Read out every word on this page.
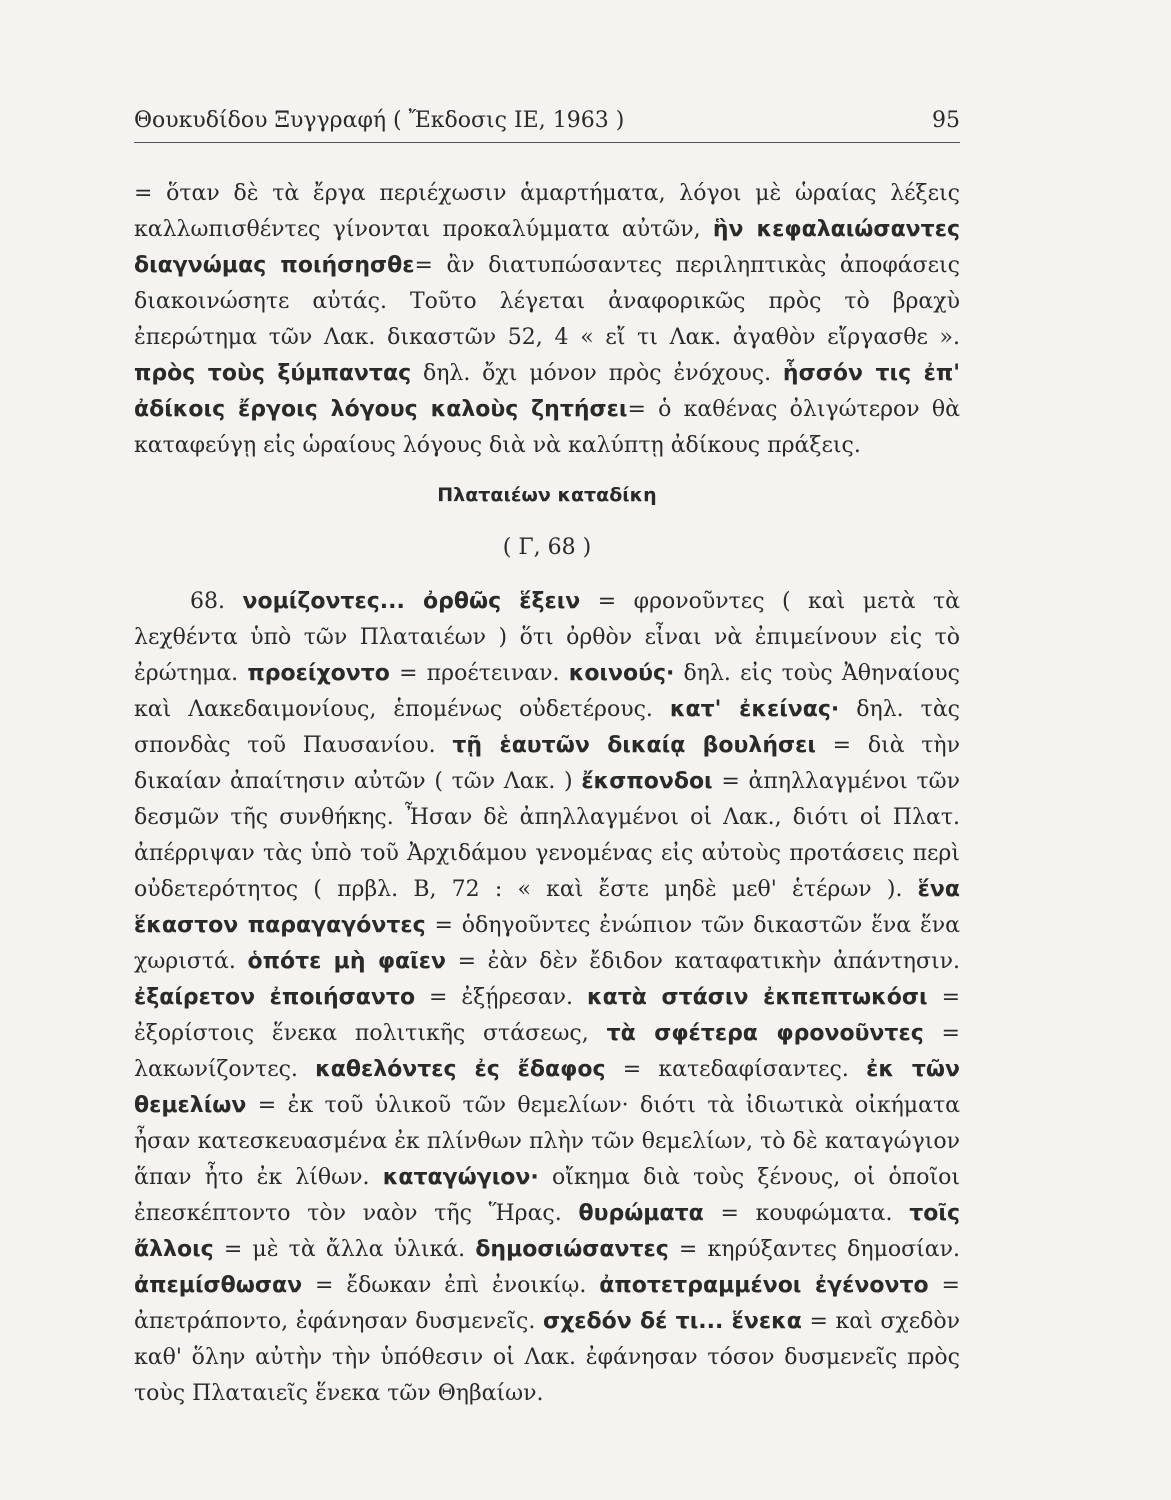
Θουκυδίδου Ξυγγραφή ( Ἔκδοσις ΙΕ, 1963 )	95

= ὅταν δὲ τὰ ἔργα περιέχωσιν ἁμαρτήματα, λόγοι μὲ ὡραίας λέξεις καλλωπισθέντες γίνονται προκαλύμματα αὐτῶν, ἣν κεφαλαιώσαντες διαγνώμας ποιήσησθε= ἂν διατυπώσαντες περιληπτικὰς ἀποφάσεις διακοινώσητε αὐτάς. Τοῦτο λέγεται ἀναφορικῶς πρὸς τὸ βραχὺ ἐπερώτημα τῶν Λακ. δικαστῶν 52, 4 « εἴ τι Λακ. ἀγαθὸν εἴργασθε ». πρὸς τοὺς ξύμπαντας δηλ. ὄχι μόνον πρὸς ἐνόχους. ἧσσόν τις ἐπ' ἀδίκοις ἔργοις λόγους καλοὺς ζητήσει= ὁ καθένας ὀλιγώτερον θὰ καταφεύγῃ εἰς ὡραίους λόγους διὰ νὰ καλύπτῃ ἀδίκους πράξεις.

Πλαταιέων καταδίκη
( Γ, 68 )

68. νομίζοντες... ὀρθῶς ἕξειν = φρονοῦντες ( καὶ μετὰ τὰ λεχθέντα ὑπὸ τῶν Πλαταιέων ) ὅτι ὀρθὸν εἶναι νὰ ἐπιμείνουν εἰς τὸ ἐρώτημα. προείχοντο = προέτειναν. κοινούς· δηλ. εἰς τοὺς Ἀθηναίους καὶ Λακεδαιμονίους, ἑπομένως οὐδετέρους. κατ' ἐκείνας· δηλ. τὰς σπονδὰς τοῦ Παυσανίου. τῇ ἑαυτῶν δικαίᾳ βουλήσει = διὰ τὴν δικαίαν ἀπαίτησιν αὐτῶν ( τῶν Λακ. ) ἔκσπονδοι = ἀπηλλαγμένοι τῶν δεσμῶν τῆς συνθήκης. Ἦσαν δὲ ἀπηλλαγμένοι οἱ Λακ., διότι οἱ Πλατ. ἀπέρριψαν τὰς ὑπὸ τοῦ Ἀρχιδάμου γενομένας εἰς αὐτοὺς προτάσεις περὶ οὐδετερότητος ( πρβλ. Β, 72 : « καὶ ἔστε μηδὲ μεθ' ἑτέρων ). ἕνα ἕκαστον παραγαγόντες = ὁδηγοῦντες ἐνώπιον τῶν δικαστῶν ἕνα ἕνα χωριστά. ὁπότε μὴ φαῖεν = ἐὰν δὲν ἔδιδον καταφατικὴν ἀπάντησιν. ἐξαίρετον ἐποιήσαντο = ἐξῄρεσαν. κατὰ στάσιν ἐκπεπτωκόσι = ἐξορίστοις ἕνεκα πολιτικῆς στάσεως, τὰ σφέτερα φρονοῦντες = λακωνίζοντες. καθελόντες ἐς ἔδαφος = κατεδαφίσαντες. ἐκ τῶν θεμελίων = ἐκ τοῦ ὑλικοῦ τῶν θεμελίων· διότι τὰ ἰδιωτικὰ οἰκήματα ἦσαν κατεσκευασμένα ἐκ πλίνθων πλὴν τῶν θεμελίων, τὸ δὲ καταγώγιον ἅπαν ἦτο ἐκ λίθων. καταγώγιον· οἴκημα διὰ τοὺς ξένους, οἱ ὁποῖοι ἐπεσκέπτοντο τὸν ναὸν τῆς Ἥρας. θυρώματα = κουφώματα. τοῖς ἄλλοις = μὲ τὰ ἄλλα ὑλικά. δημοσιώσαντες = κηρύξαντες δημοσίαν. ἀπεμίσθωσαν = ἔδωκαν ἐπὶ ἐνοικίῳ. ἀποτετραμμένοι ἐγένοντο = ἀπετράποντο, ἐφάνησαν δυσμενεῖς. σχεδόν δέ τι... ἕνεκα = καὶ σχεδὸν καθ' ὅλην αὐτὴν τὴν ὑπόθεσιν οἱ Λακ. ἐφάνησαν τόσον δυσμενεῖς πρὸς τοὺς Πλαταιεῖς ἕνεκα τῶν Θηβαίων.
